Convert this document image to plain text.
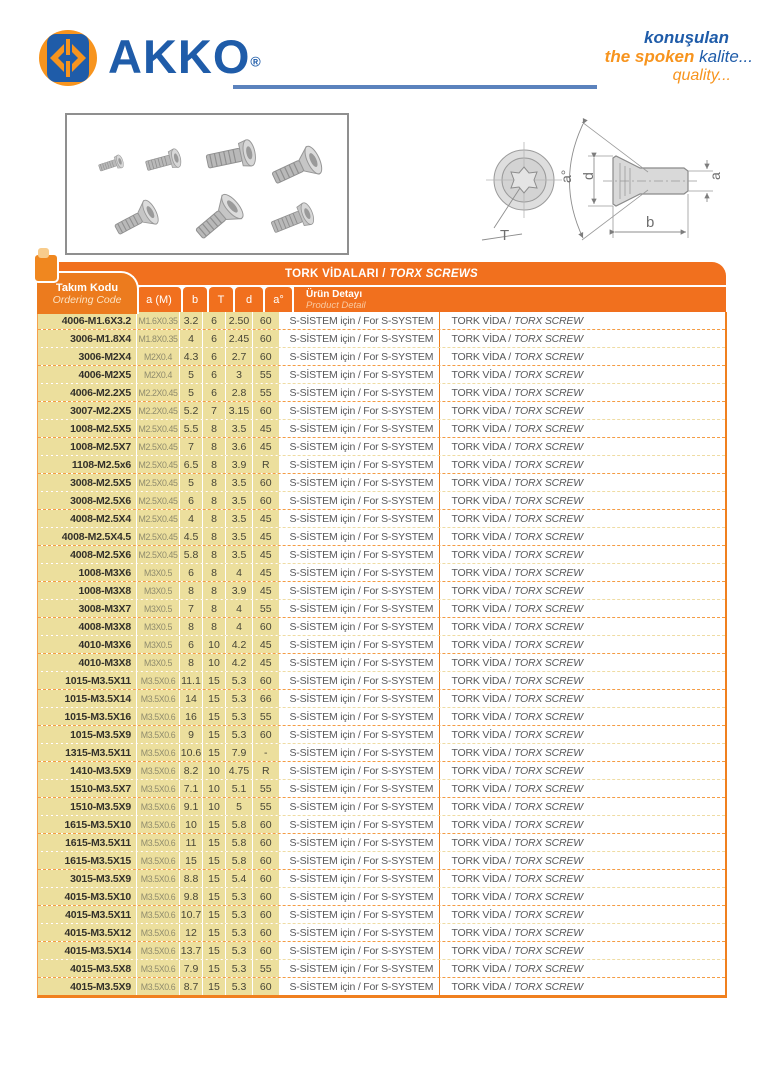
AKKO®
konuşulan
the spoken kalite...
quality...
T
a° d	a
b
TORK VİDALARI / TORX SCREWS
Takım Kodu
Ordering Code	a (M)	b	T	d	a°	Ürün Detayı
Product Detail
4006-M1.6X3.2 M1.6X0.35 3.2	6	2.50	60	S-SİSTEM için / For S-SYSTEM	TORK VİDA / TORX SCREW
3006-M1.8X4 M1.8X0.35	4	6	2.45	60	S-SİSTEM için / For S-SYSTEM	TORK VİDA / TORX SCREW
3006-M2X4	M2X0.4	4.3	6	2.7	60	S-SİSTEM için / For S-SYSTEM	TORK VİDA / TORX SCREW
4006-M2X5	M2X0.4	5	6	3	55	S-SİSTEM için / For S-SYSTEM	TORK VİDA / TORX SCREW
4006-M2.2X5 M2.2X0.45	5	6	2.8	55	S-SİSTEM için / For S-SYSTEM	TORK VİDA / TORX SCREW
3007-M2.2X5 M2.2X0.45 5.2	7	3.15	60	S-SİSTEM için / For S-SYSTEM	TORK VİDA / TORX SCREW
1008-M2.5X5 M2.5X0.45 5.5	8	3.5	45	S-SİSTEM için / For S-SYSTEM	TORK VİDA / TORX SCREW
1008-M2.5X7 M2.5X0.45	7	8	3.6	45	S-SİSTEM için / For S-SYSTEM	TORK VİDA / TORX SCREW
1108-M2.5x6 M2.5X0.45 6.5	8	3.9	R	S-SİSTEM için / For S-SYSTEM	TORK VİDA / TORX SCREW
3008-M2.5X5 M2.5X0.45	5	8	3.5	60	S-SİSTEM için / For S-SYSTEM	TORK VİDA / TORX SCREW
3008-M2.5X6 M2.5X0.45	6	8	3.5	60	S-SİSTEM için / For S-SYSTEM	TORK VİDA / TORX SCREW
4008-M2.5X4 M2.5X0.45	4	8	3.5	45	S-SİSTEM için / For S-SYSTEM	TORK VİDA / TORX SCREW
4008-M2.5X4.5 M2.5X0.45 4.5	8	3.5	45	S-SİSTEM için / For S-SYSTEM	TORK VİDA / TORX SCREW
4008-M2.5X6 M2.5X0.45 5.8	8	3.5	45	S-SİSTEM için / For S-SYSTEM	TORK VİDA / TORX SCREW
1008-M3X6	M3X0.5	6	8	4	45	S-SİSTEM için / For S-SYSTEM	TORK VİDA / TORX SCREW
1008-M3X8	M3X0.5	8	8	3.9	45	S-SİSTEM için / For S-SYSTEM	TORK VİDA / TORX SCREW
3008-M3X7	M3X0.5	7	8	4	55	S-SİSTEM için / For S-SYSTEM	TORK VİDA / TORX SCREW
4008-M3X8	M3X0.5	8	8	4	60	S-SİSTEM için / For S-SYSTEM	TORK VİDA / TORX SCREW
4010-M3X6	M3X0.5	6	10	4.2	45	S-SİSTEM için / For S-SYSTEM	TORK VİDA / TORX SCREW
4010-M3X8	M3X0.5	8	10	4.2	45	S-SİSTEM için / For S-SYSTEM	TORK VİDA / TORX SCREW
1015-M3.5X11	M3.5X0.6 11.1 15	5.3	60	S-SİSTEM için / For S-SYSTEM	TORK VİDA / TORX SCREW
1015-M3.5X14	M3.5X0.6 14	15	5.3	66	S-SİSTEM için / For S-SYSTEM	TORK VİDA / TORX SCREW
1015-M3.5X16	M3.5X0.6 16	15	5.3	55	S-SİSTEM için / For S-SYSTEM	TORK VİDA / TORX SCREW
1015-M3.5X9	M3.5X0.6	9	15	5.3	60	S-SİSTEM için / For S-SYSTEM	TORK VİDA / TORX SCREW
1315-M3.5X11	M3.5X0.6 10.6 15	7.9	-	S-SİSTEM için / For S-SYSTEM	TORK VİDA / TORX SCREW
1410-M3.5X9	M3.5X0.6 8.2 10 4.75	R	S-SİSTEM için / For S-SYSTEM	TORK VİDA / TORX SCREW
1510-M3.5X7	M3.5X0.6 7.1 10	5.1	55	S-SİSTEM için / For S-SYSTEM	TORK VİDA / TORX SCREW
1510-M3.5X9	M3.5X0.6 9.1 10	5	55	S-SİSTEM için / For S-SYSTEM	TORK VİDA / TORX SCREW
1615-M3.5X10	M3.5X0.6 10	15	5.8	60	S-SİSTEM için / For S-SYSTEM	TORK VİDA / TORX SCREW
1615-M3.5X11	M3.5X0.6 11	15	5.8	60	S-SİSTEM için / For S-SYSTEM	TORK VİDA / TORX SCREW
1615-M3.5X15	M3.5X0.6 15	15	5.8	60	S-SİSTEM için / For S-SYSTEM	TORK VİDA / TORX SCREW
3015-M3.5X9	M3.5X0.6 8.8 15	5.4	60	S-SİSTEM için / For S-SYSTEM	TORK VİDA / TORX SCREW
4015-M3.5X10	M3.5X0.6 9.8 15	5.3	60	S-SİSTEM için / For S-SYSTEM	TORK VİDA / TORX SCREW
4015-M3.5X11	M3.5X0.6 10.7 15	5.3	60	S-SİSTEM için / For S-SYSTEM	TORK VİDA / TORX SCREW
4015-M3.5X12	M3.5X0.6 12	15	5.3	60	S-SİSTEM için / For S-SYSTEM	TORK VİDA / TORX SCREW
4015-M3.5X14	M3.5X0.6 13.7 15	5.3	60	S-SİSTEM için / For S-SYSTEM	TORK VİDA / TORX SCREW
4015-M3.5X8	M3.5X0.6 7.9 15	5.3	55	S-SİSTEM için / For S-SYSTEM	TORK VİDA / TORX SCREW
4015-M3.5X9	M3.5X0.6 8.7 15	5.3	60	S-SİSTEM için / For S-SYSTEM	TORK VİDA / TORX SCREW
